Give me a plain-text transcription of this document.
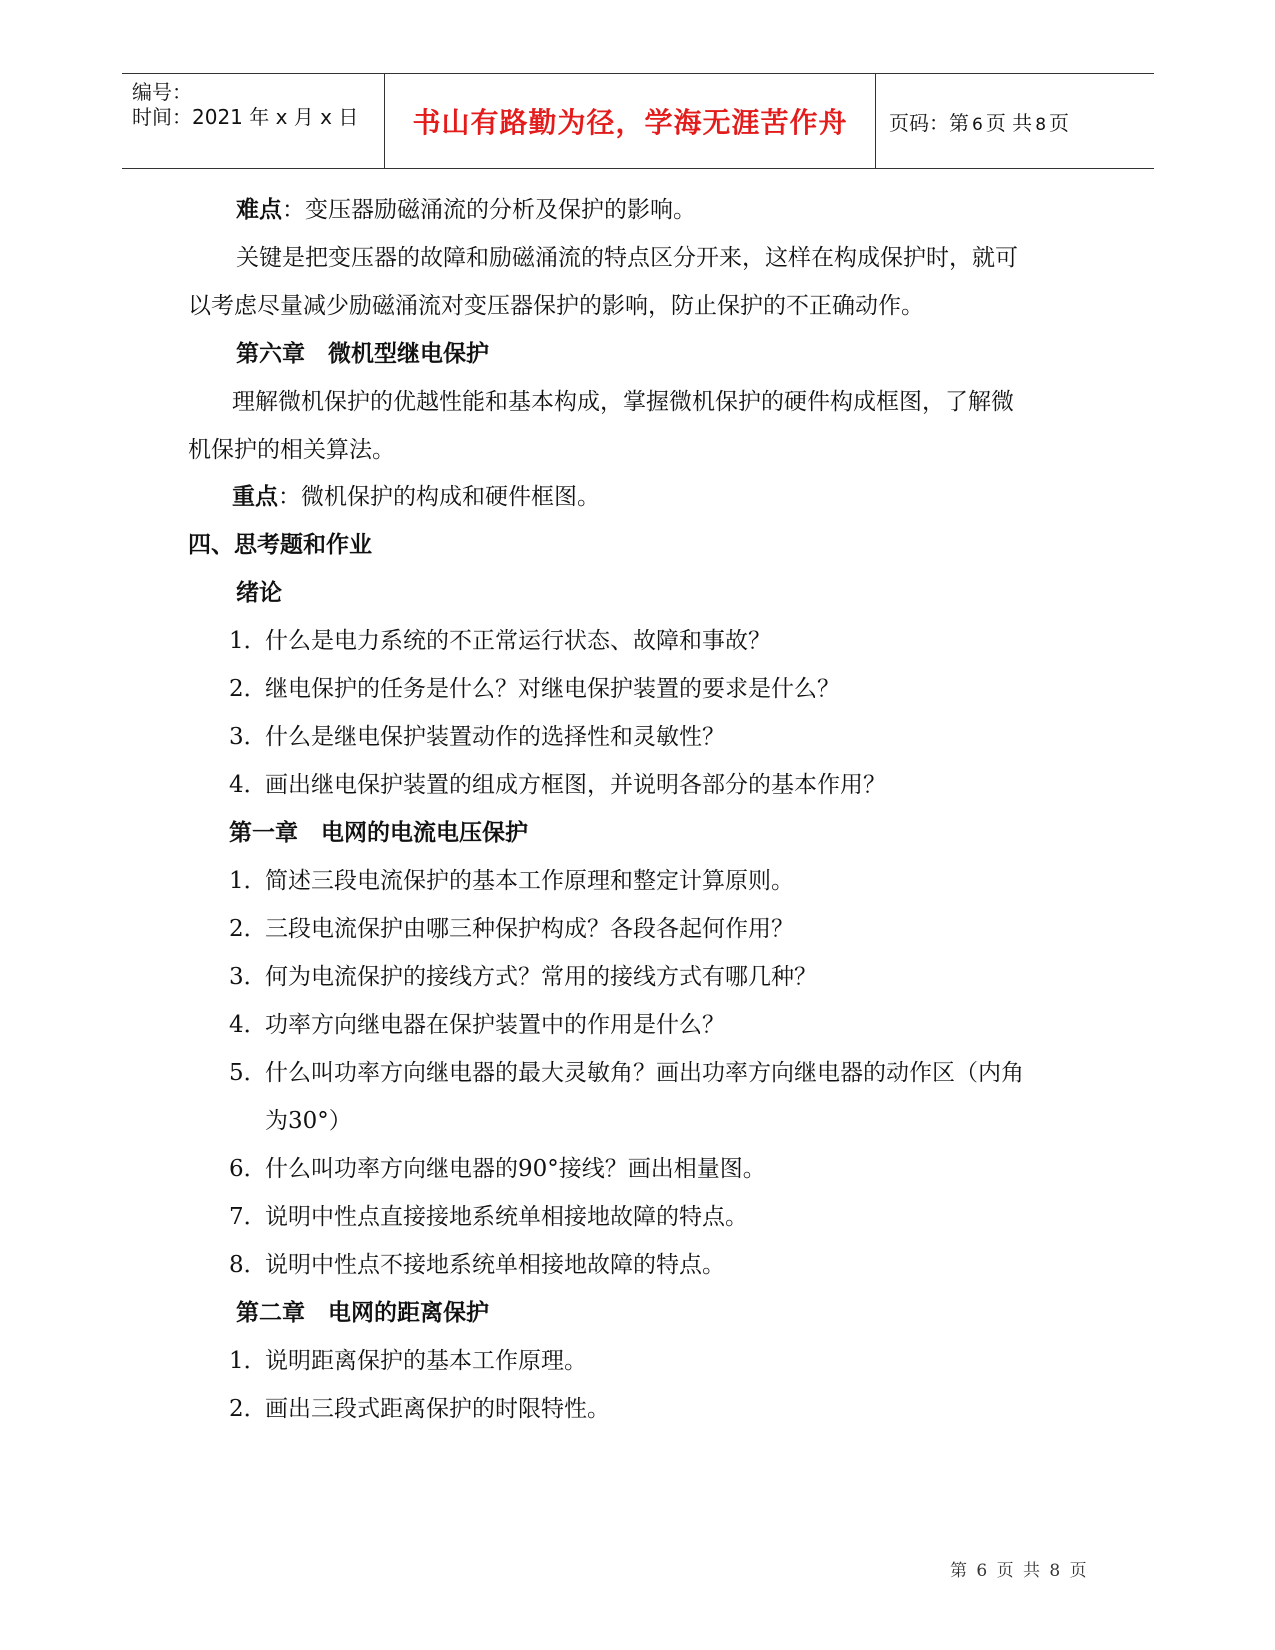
编号：
时间：2021 年 x 月 x 日 书山有路勤为径，学海无涯苦作舟 页码：第 6 页 共 8 页
难点：变压器励磁涌流的分析及保护的影响。
关键是把变压器的故障和励磁涌流的特点区分开来，这样在构成保护时，就可
以考虑尽量减少励磁涌流对变压器保护的影响，防止保护的不正确动作。
第六章　微机型继电保护
理解微机保护的优越性能和基本构成，掌握微机保护的硬件构成框图，了解微
机保护的相关算法。
重点：微机保护的构成和硬件框图。
四、思考题和作业
绪论
1．什么是电力系统的不正常运行状态、故障和事故？
2．继电保护的任务是什么？对继电保护装置的要求是什么？
3．什么是继电保护装置动作的选择性和灵敏性？
4．画出继电保护装置的组成方框图，并说明各部分的基本作用？
第一章　电网的电流电压保护
1．简述三段电流保护的基本工作原理和整定计算原则。
2．三段电流保护由哪三种保护构成？各段各起何作用？
3．何为电流保护的接线方式？常用的接线方式有哪几种？
4．功率方向继电器在保护装置中的作用是什么？
5．什么叫功率方向继电器的最大灵敏角？画出功率方向继电器的动作区（内角
为30°）
6．什么叫功率方向继电器的90°接线？画出相量图。
7．说明中性点直接接地系统单相接地故障的特点。
8．说明中性点不接地系统单相接地故障的特点。
第二章　电网的距离保护
1．说明距离保护的基本工作原理。
2．画出三段式距离保护的时限特性。
第 6 页 共 8 页
